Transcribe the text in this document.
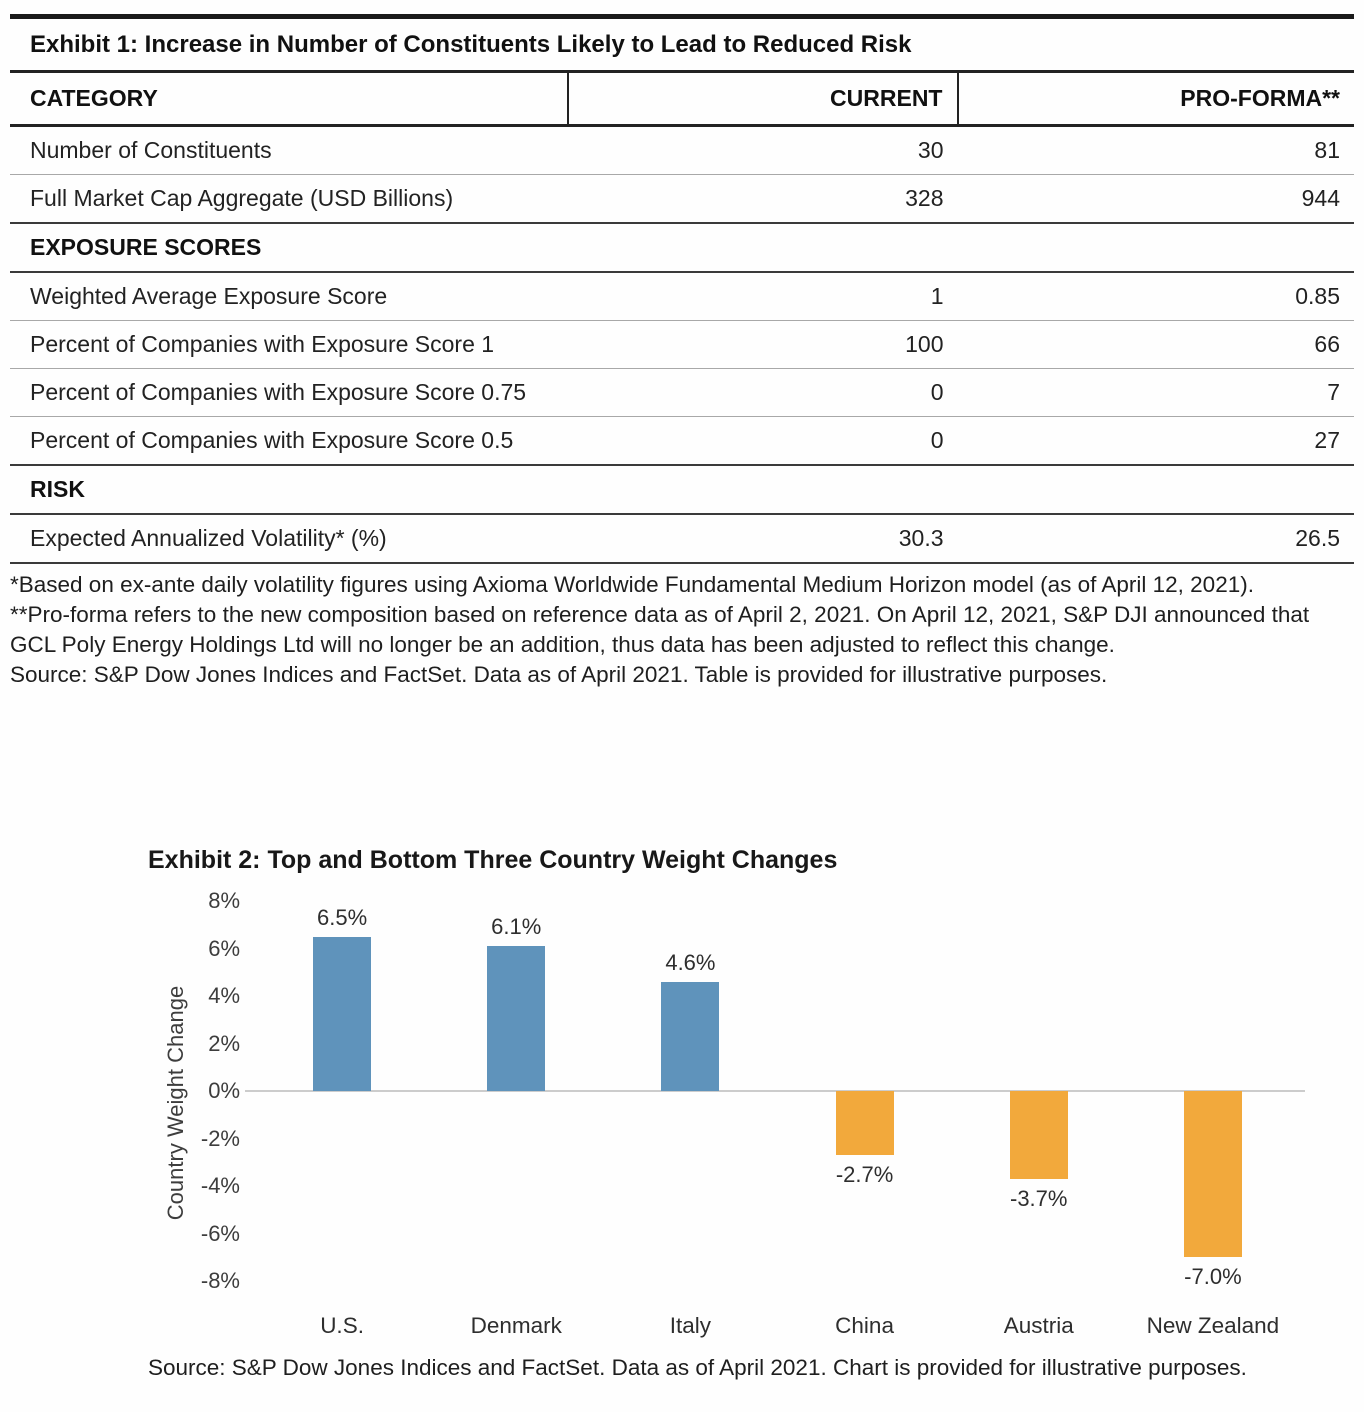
Exhibit 1: Increase in Number of Constituents Likely to Lead to Reduced Risk
CATEGORY	CURRENT	PRO-FORMA**
Number of Constituents	30	81
Full Market Cap Aggregate (USD Billions)	328	944
EXPOSURE SCORES		
Weighted Average Exposure Score	1	0.85
Percent of Companies with Exposure Score 1	100	66
Percent of Companies with Exposure Score 0.75	0	7
Percent of Companies with Exposure Score 0.5	0	27
RISK		
Expected Annualized Volatility* (%)	30.3	26.5

*Based on ex-ante daily volatility figures using Axioma Worldwide Fundamental Medium Horizon model (as of April 12, 2021).

**Pro-forma refers to the new composition based on reference data as of April 2, 2021. On April 12, 2021, S&P DJI announced that GCL Poly Energy Holdings Ltd will no longer be an addition, thus data has been adjusted to reflect this change.

Source: S&P Dow Jones Indices and FactSet. Data as of April 2021. Table is provided for illustrative purposes.

Exhibit 2: Top and Bottom Three Country Weight Changes
Country Weight Change
6.5%	6.1%
4.6%
-2.7%
-3.7%
-7.0%
U.S.	Denmark	Italy	China	Austria	New Zealand
8%
6%
4%
2%
0%
-2%
-4%
-6%
-8%
Source: S&P Dow Jones Indices and FactSet. Data as of April 2021. Chart is provided for illustrative purposes.
